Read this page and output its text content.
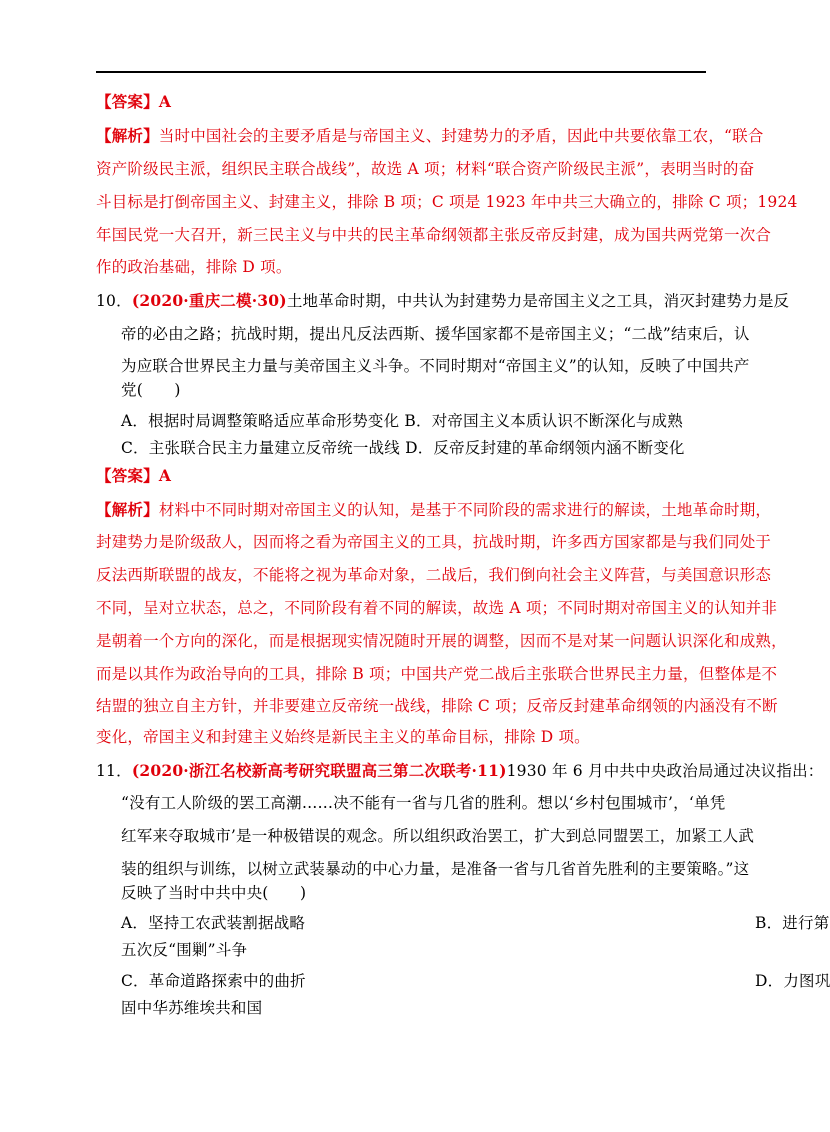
【答案】A
【解析】当时中国社会的主要矛盾是与帝国主义、封建势力的矛盾，因此中共要依靠工农，“联合
资产阶级民主派，组织民主联合战线”，故选 A 项；材料“联合资产阶级民主派”，表明当时的奋
斗目标是打倒帝国主义、封建主义，排除 B 项；C 项是 1923 年中共三大确立的，排除 C 项；1924
年国民党一大召开，新三民主义与中共的民主革命纲领都主张反帝反封建，成为国共两党第一次合
作的政治基础，排除 D 项。
10．(2020·重庆二模·30)土地革命时期，中共认为封建势力是帝国主义之工具，消灭封建势力是反
帝的必由之路；抗战时期，提出凡反法西斯、援华国家都不是帝国主义；“二战”结束后，认
为应联合世界民主力量与美帝国主义斗争。不同时期对“帝国主义”的认知，反映了中国共产
党(　　)
A．根据时局调整策略适应革命形势变化 B．对帝国主义本质认识不断深化与成熟
C．主张联合民主力量建立反帝统一战线 D．反帝反封建的革命纲领内涵不断变化
【答案】A
【解析】材料中不同时期对帝国主义的认知，是基于不同阶段的需求进行的解读，土地革命时期，
封建势力是阶级敌人，因而将之看为帝国主义的工具，抗战时期，许多西方国家都是与我们同处于
反法西斯联盟的战友，不能将之视为革命对象，二战后，我们倒向社会主义阵营，与美国意识形态
不同，呈对立状态，总之，不同阶段有着不同的解读，故选 A 项；不同时期对帝国主义的认知并非
是朝着一个方向的深化，而是根据现实情况随时开展的调整，因而不是对某一问题认识深化和成熟，
而是以其作为政治导向的工具，排除 B 项；中国共产党二战后主张联合世界民主力量，但整体是不
结盟的独立自主方针，并非要建立反帝统一战线，排除 C 项；反帝反封建革命纲领的内涵没有不断
变化，帝国主义和封建主义始终是新民主主义的革命目标，排除 D 项。
11．(2020·浙江名校新高考研究联盟高三第二次联考·11)1930 年 6 月中共中央政治局通过决议指出：
“没有工人阶级的罢工高潮……决不能有一省与几省的胜利。想以‘乡村包围城市’，‘单凭
红军来夺取城市’是一种极错误的观念。所以组织政治罢工，扩大到总同盟罢工，加紧工人武
装的组织与训练，以树立武装暴动的中心力量，是准备一省与几省首先胜利的主要策略。”这
反映了当时中共中央(　　)
A．坚持工农武装割据战略	B．进行第
五次反“围剿”斗争
C．革命道路探索中的曲折	D．力图巩
固中华苏维埃共和国
